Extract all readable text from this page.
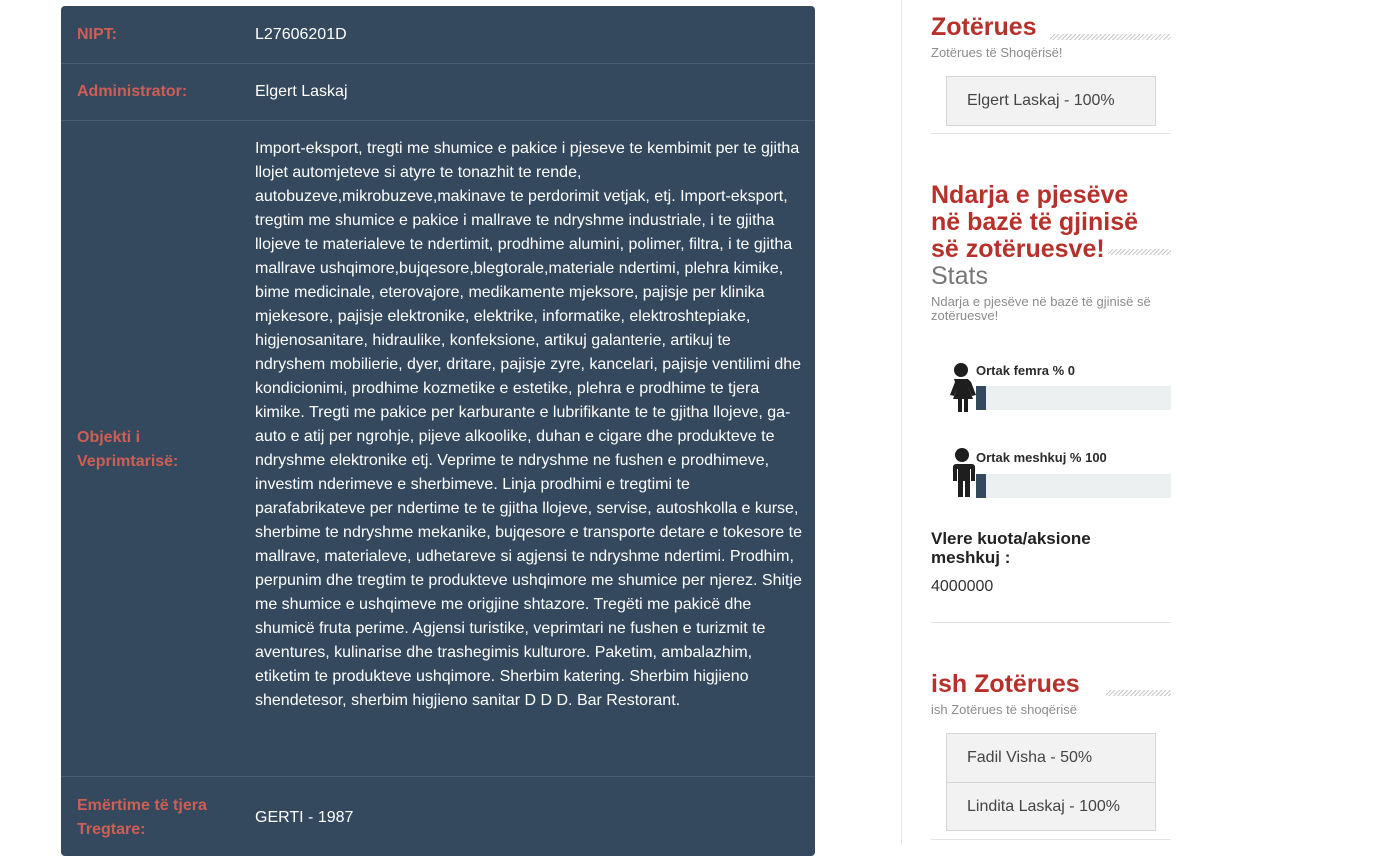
NIPT:	L27606201D
Administrator:	Elgert Laskaj
Objekti i Veprimtarisë:
Import-eksport, tregti me shumice e pakice i pjeseve te kembimit per te gjitha llojet automjeteve si atyre te tonazhit te rende, autobuzeve,mikrobuzeve,makinave te perdorimit vetjak, etj. Import-eksport, tregtim me shumice e pakice i mallrave te ndryshme industriale, i te gjitha llojeve te materialeve te ndertimit, prodhime alumini, polimer, filtra, i te gjitha mallrave ushqimore,bujqesore,blegtorale,materiale ndertimi, plehra kimike, bime medicinale, eterovajore, medikamente mjeksore, pajisje per klinika mjekesore, pajisje elektronike, elektrike, informatike, elektroshtepiake, higjenosanitare, hidraulike, konfeksione, artikuj galanterie, artikuj te ndryshem mobilierie, dyer, dritare, pajisje zyre, kancelari, pajisje ventilimi dhe kondicionimi, prodhime kozmetike e estetike, plehra e prodhime te tjera kimike. Tregti me pakice per karburante e lubrifikante te te gjitha llojeve, ga-auto e atij per ngrohje, pijeve alkoolike, duhan e cigare dhe produkteve te ndryshme elektronike etj. Veprime te ndryshme ne fushen e prodhimeve, investim nderimeve e sherbimeve. Linja prodhimi e tregtimi te parafabrikateve per ndertime te te gjitha llojeve, servise, autoshkolla e kurse, sherbime te ndryshme mekanike, bujqesore e transporte detare e tokesore te mallrave, materialeve, udhetareve si agjensi te ndryshme ndertimi. Prodhim, perpunim dhe tregtim te produkteve ushqimore me shumice per njerez. Shitje me shumice e ushqimeve me origjine shtazore. Tregëti me pakicë dhe shumicë fruta perime. Agjensi turistike, veprimtari ne fushen e turizmit te aventures, kulinarise dhe trashegimis kulturore. Paketim, ambalazhim, etiketim te produkteve ushqimore. Sherbim katering. Sherbim higjieno shendetesor, sherbim higjieno sanitar D D D. Bar Restorant.
Emërtime të tjera Tregtare:
GERTI - 1987
Zotërues
Zotërues të Shoqërisë!
Elgert Laskaj - 100%
Ndarja e pjesëve në bazë të gjinisë së zotëruesve!
Stats
Ndarja e pjesëve në bazë të gjinisë së zotëruesve!
Ortak femra % 0
Ortak meshkuj % 100
Vlere kuota/aksione meshkuj :
4000000
ish Zotërues
ish Zotërues të shoqërisë
Fadil Visha - 50%
Lindita Laskaj - 100%
